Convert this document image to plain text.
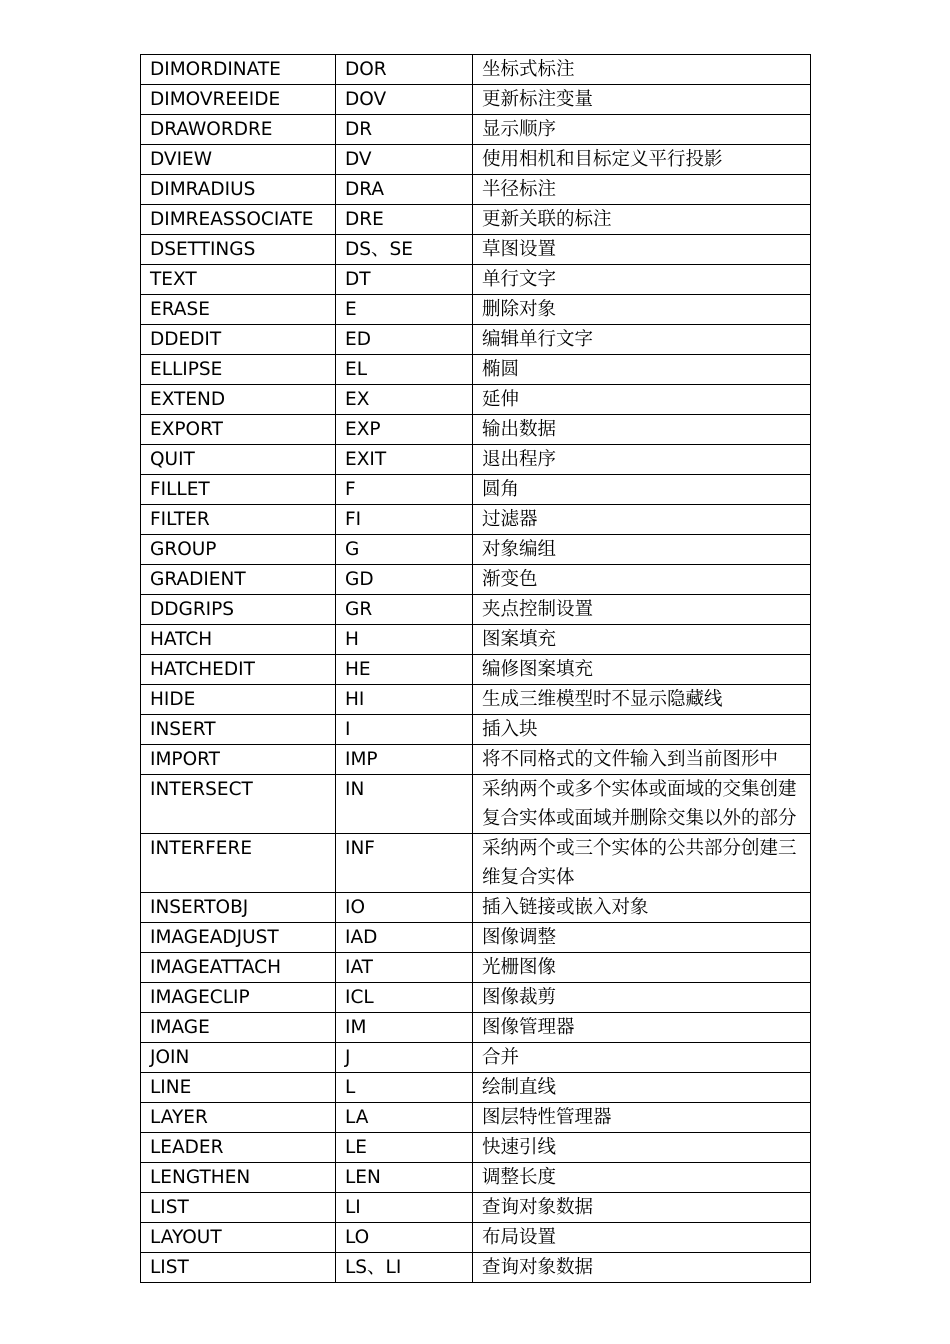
DIMORDINATE	DOR	坐标式标注
DIMOVREEIDE	DOV	更新标注变量
DRAWORDRE	DR	显示顺序
DVIEW	DV	使用相机和目标定义平行投影
DIMRADIUS	DRA	半径标注
DIMREASSOCIATE	DRE	更新关联的标注
DSETTINGS	DS、SE	草图设置
TEXT	DT	单行文字
ERASE	E	删除对象
DDEDIT	ED	编辑单行文字
ELLIPSE	EL	椭圆
EXTEND	EX	延伸
EXPORT	EXP	输出数据
QUIT	EXIT	退出程序
FILLET	F	圆角
FILTER	FI	过滤器
GROUP	G	对象编组
GRADIENT	GD	渐变色
DDGRIPS	GR	夹点控制设置
HATCH	H	图案填充
HATCHEDIT	HE	编修图案填充
HIDE	HI	生成三维模型时不显示隐藏线
INSERT	I	插入块
IMPORT	IMP	将不同格式的文件输入到当前图形中
INTERSECT	IN	采纳两个或多个实体或面域的交集创建复合实体或面域并删除交集以外的部分
INTERFERE	INF	采纳两个或三个实体的公共部分创建三维复合实体
INSERTOBJ	IO	插入链接或嵌入对象
IMAGEADJUST	IAD	图像调整
IMAGEATTACH	IAT	光栅图像
IMAGECLIP	ICL	图像裁剪
IMAGE	IM	图像管理器
JOIN	J	合并
LINE	L	绘制直线
LAYER	LA	图层特性管理器
LEADER	LE	快速引线
LENGTHEN	LEN	调整长度
LIST	LI	查询对象数据
LAYOUT	LO	布局设置
LIST	LS、LI	查询对象数据
